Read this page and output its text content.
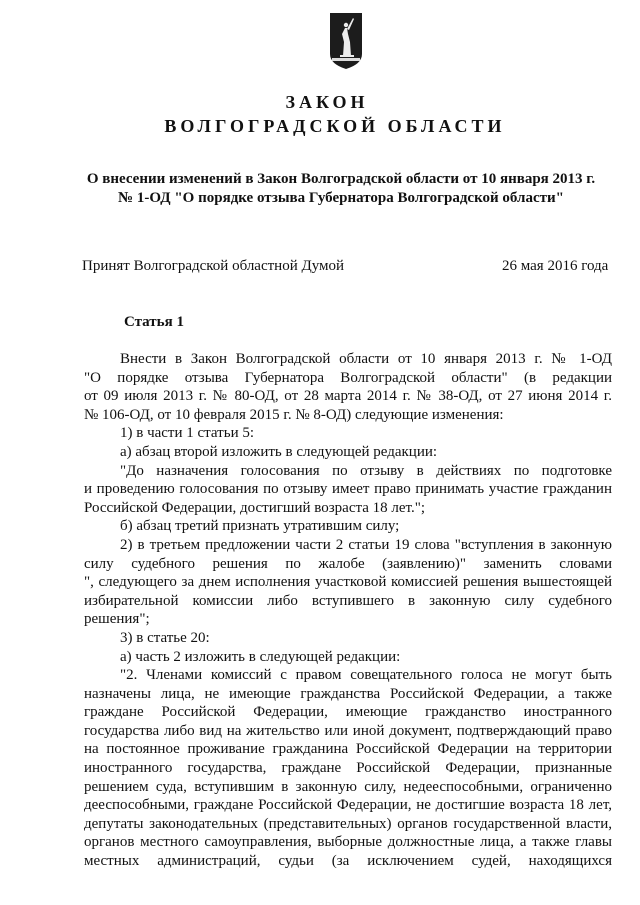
ЗАКОН
ВОЛГОГРАДСКОЙ ОБЛАСТИ
О внесении изменений в Закон Волгоградской области от 10 января 2013 г.
№ 1-ОД "О порядке отзыва Губернатора Волгоградской области"
Принят Волгоградской областной Думой	26 мая 2016 года
Статья 1
Внести в Закон Волгоградской области от 10 января 2013 г. № 1-ОД
"О порядке отзыва Губернатора Волгоградской области" (в редакции
от 09 июля 2013 г. № 80-ОД, от 28 марта 2014 г. № 38-ОД, от 27 июня 2014 г.
№ 106-ОД, от 10 февраля 2015 г. № 8-ОД) следующие изменения:
1) в части 1 статьи 5:
а) абзац второй изложить в следующей редакции:
"До назначения голосования по отзыву в действиях по подготовке
и проведению голосования по отзыву имеет право принимать участие гражданин
Российской Федерации, достигший возраста 18 лет.";
б) абзац третий признать утратившим силу;
2) в третьем предложении части 2 статьи 19 слова "вступления в законную
силу судебного решения по жалобе (заявлению)" заменить словами
", следующего за днем исполнения участковой комиссией решения вышестоящей
избирательной комиссии либо вступившего в законную силу судебного
решения";
3) в статье 20:
а) часть 2 изложить в следующей редакции:
"2. Членами комиссий с правом совещательного голоса не могут быть
назначены лица, не имеющие гражданства Российской Федерации, а также
граждане Российской Федерации, имеющие гражданство иностранного
государства либо вид на жительство или иной документ, подтверждающий право
на постоянное проживание гражданина Российской Федерации на территории
иностранного государства, граждане Российской Федерации, признанные
решением суда, вступившим в законную силу, недееспособными, ограниченно
дееспособными, граждане Российской Федерации, не достигшие возраста 18 лет,
депутаты законодательных (представительных) органов государственной власти,
органов местного самоуправления, выборные должностные лица, а также главы
местных администраций, судьи (за исключением судей, находящихся
